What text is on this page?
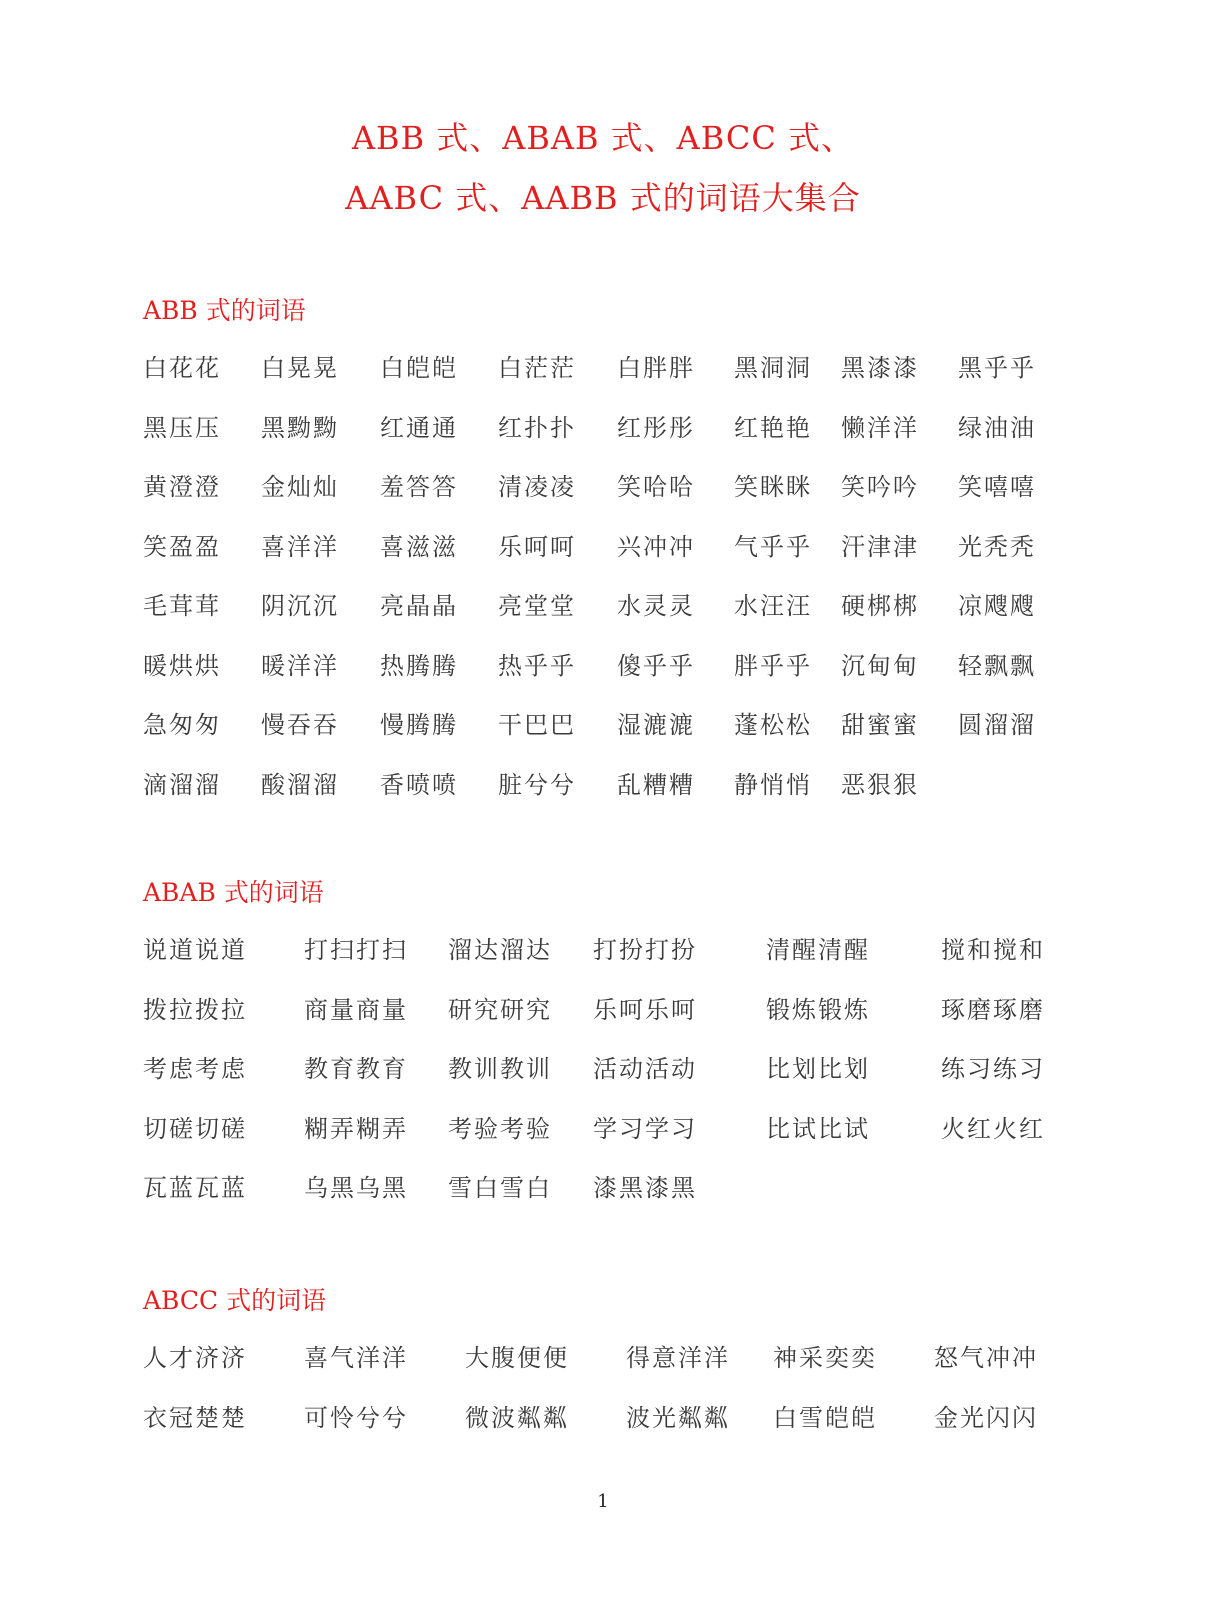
ABB 式、ABAB 式、ABCC 式、
AABC 式、AABB 式的词语大集合
ABB 式的词语
白花花 白晃晃 白皑皑 白茫茫 白胖胖 黑洞洞 黑漆漆 黑乎乎
黑压压 黑黝黝 红通通 红扑扑 红彤彤 红艳艳 懒洋洋 绿油油
黄澄澄 金灿灿 羞答答 清凌凌 笑哈哈 笑眯眯 笑吟吟 笑嘻嘻
笑盈盈 喜洋洋 喜滋滋 乐呵呵 兴冲冲 气乎乎 汗津津 光秃秃
毛茸茸 阴沉沉 亮晶晶 亮堂堂 水灵灵 水汪汪 硬梆梆 凉飕飕
暖烘烘 暖洋洋 热腾腾 热乎乎 傻乎乎 胖乎乎 沉甸甸 轻飘飘
急匆匆 慢吞吞 慢腾腾 干巴巴 湿漉漉 蓬松松 甜蜜蜜 圆溜溜
滴溜溜 酸溜溜 香喷喷 脏兮兮 乱糟糟 静悄悄 恶狠狠
ABAB 式的词语
说道说道 打扫打扫 溜达溜达 打扮打扮	清醒清醒	搅和搅和
拨拉拨拉 商量商量 研究研究 乐呵乐呵	锻炼锻炼	琢磨琢磨
考虑考虑 教育教育 教训教训 活动活动	比划比划	练习练习
切磋切磋 糊弄糊弄 考验考验 学习学习	比试比试	火红火红
瓦蓝瓦蓝 乌黑乌黑 雪白雪白 漆黑漆黑
ABCC 式的词语
人才济济 喜气洋洋 大腹便便 得意洋洋 神采奕奕 怒气冲冲
衣冠楚楚 可怜兮兮 微波粼粼 波光粼粼 白雪皑皑 金光闪闪
1
